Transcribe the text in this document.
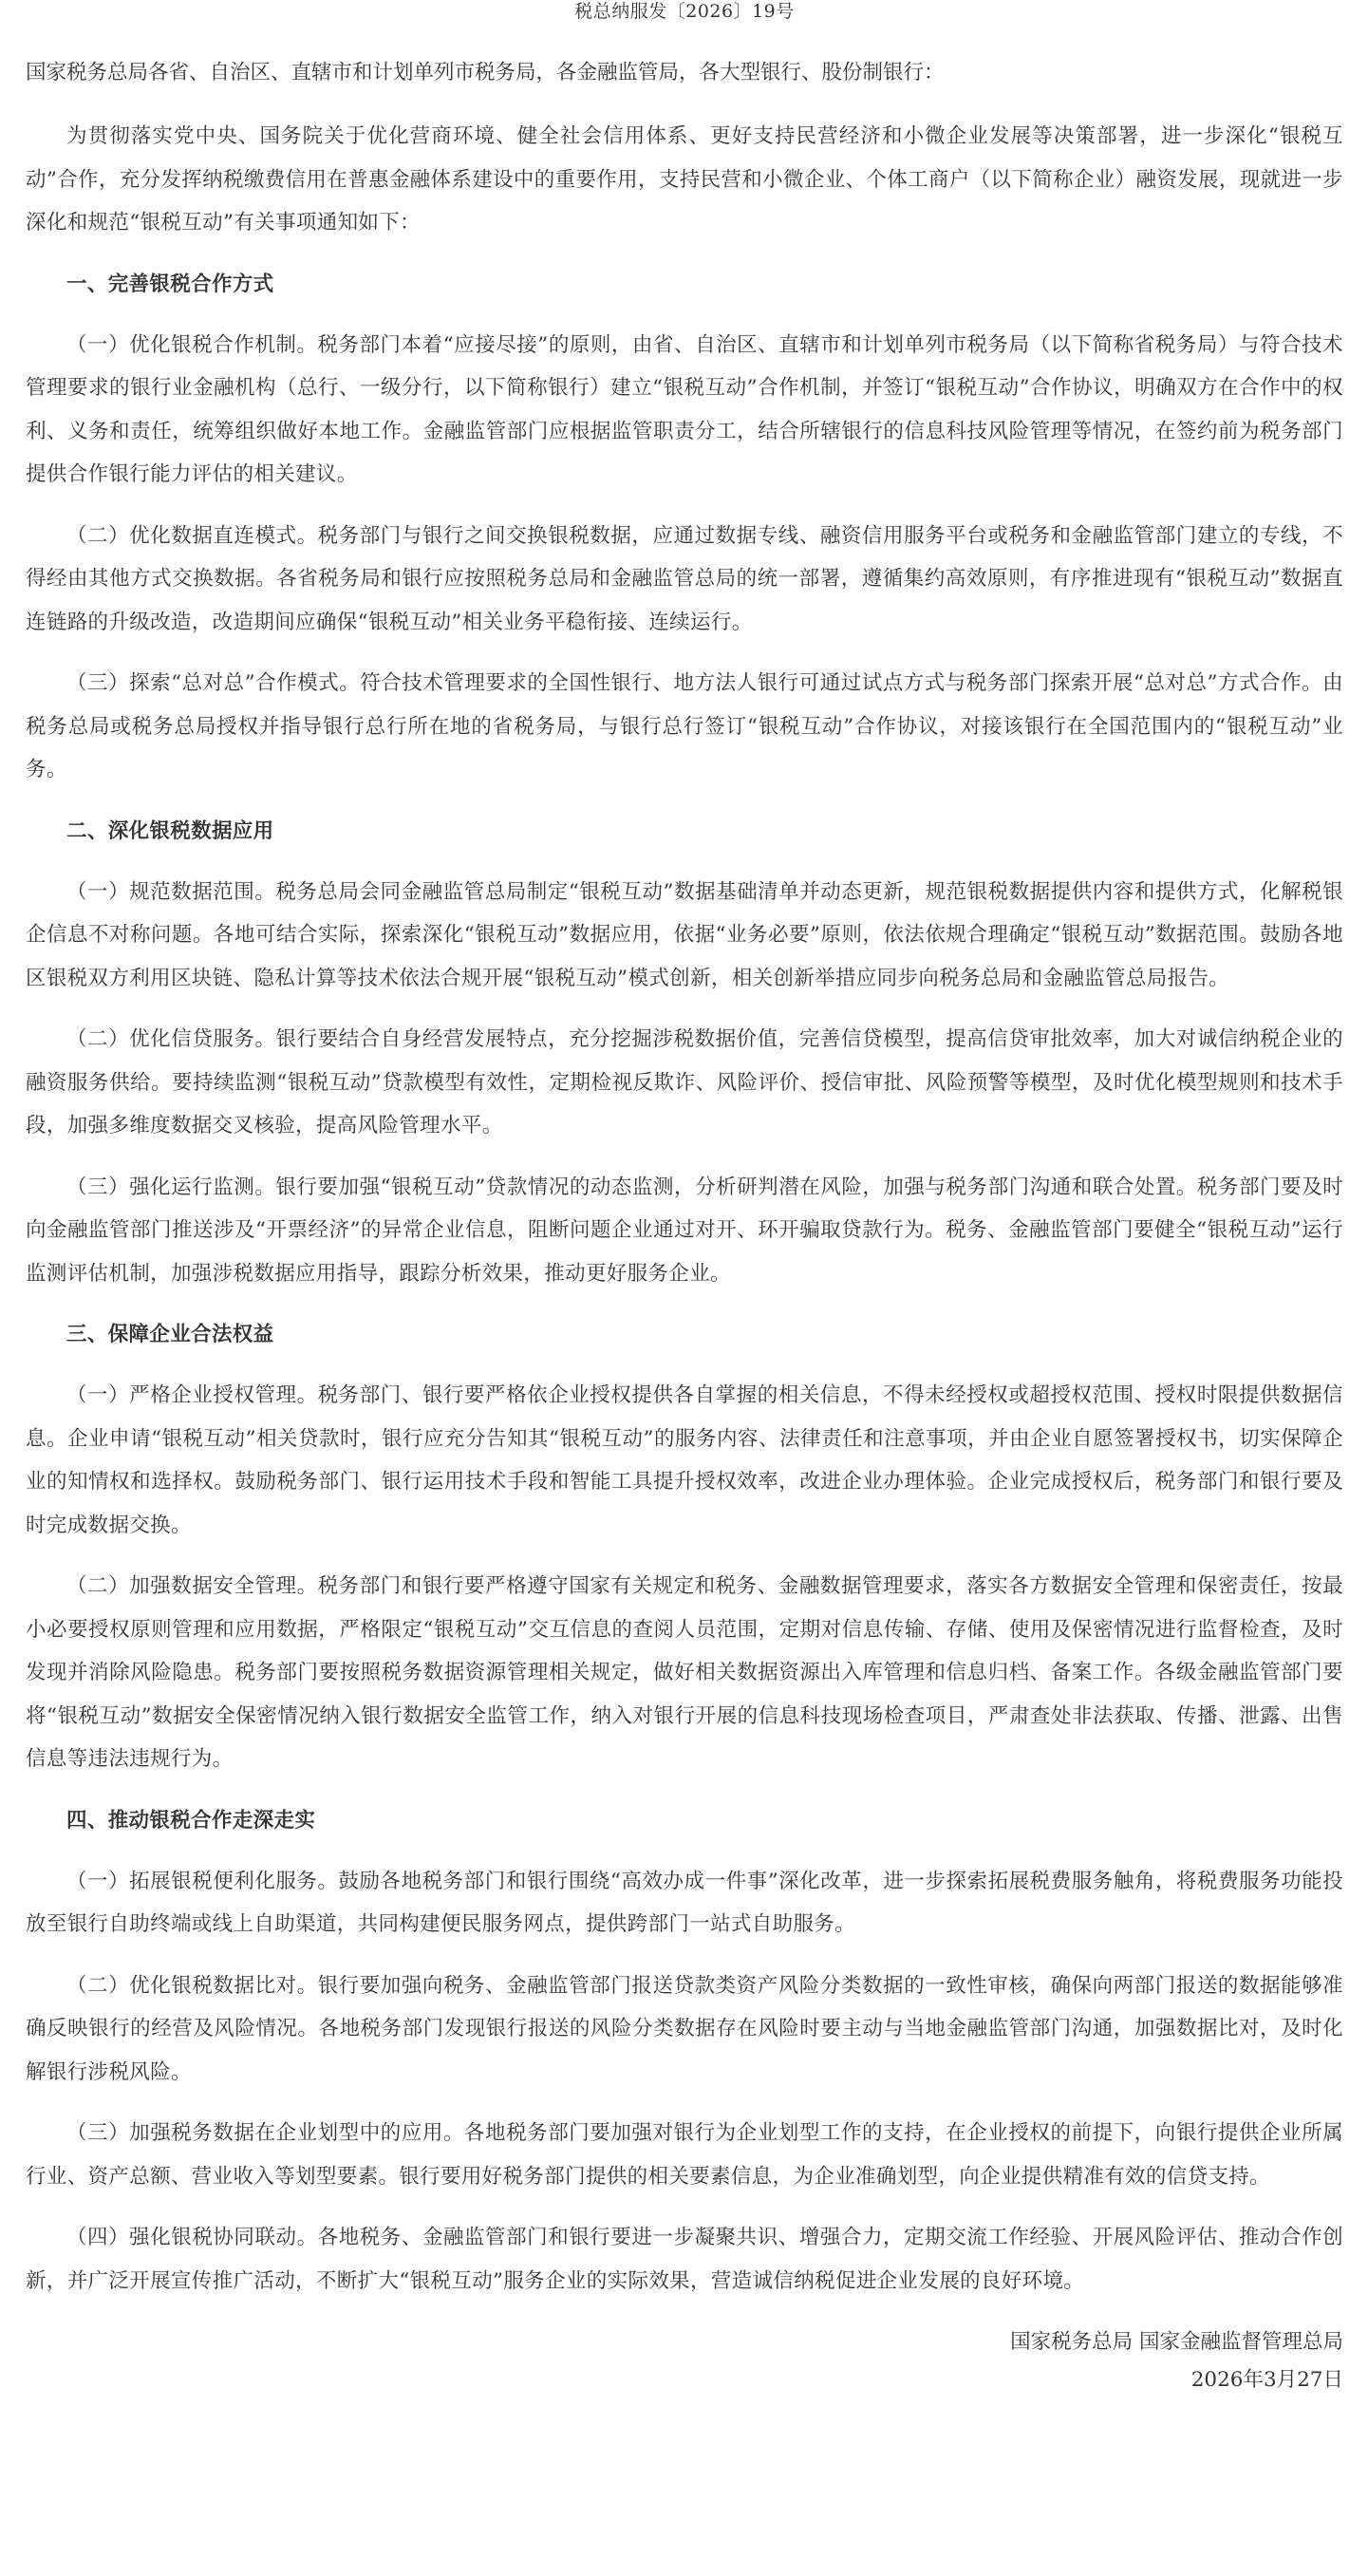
税总纳服发〔2026〕19号
国家税务总局各省、自治区、直辖市和计划单列市税务局，各金融监管局，各大型银行、股份制银行：

为贯彻落实党中央、国务院关于优化营商环境、健全社会信用体系、更好支持民营经济和小微企业发展等决策部署，进一步深化“银税互动”合作，充分发挥纳税缴费信用在普惠金融体系建设中的重要作用，支持民营和小微企业、个体工商户（以下简称企业）融资发展，现就进一步深化和规范“银税互动”有关事项通知如下：

一、完善银税合作方式

（一）优化银税合作机制。税务部门本着“应接尽接”的原则，由省、自治区、直辖市和计划单列市税务局（以下简称省税务局）与符合技术管理要求的银行业金融机构（总行、一级分行，以下简称银行）建立“银税互动”合作机制，并签订“银税互动”合作协议，明确双方在合作中的权利、义务和责任，统筹组织做好本地工作。金融监管部门应根据监管职责分工，结合所辖银行的信息科技风险管理等情况，在签约前为税务部门提供合作银行能力评估的相关建议。

（二）优化数据直连模式。税务部门与银行之间交换银税数据，应通过数据专线、融资信用服务平台或税务和金融监管部门建立的专线，不得经由其他方式交换数据。各省税务局和银行应按照税务总局和金融监管总局的统一部署，遵循集约高效原则，有序推进现有“银税互动”数据直连链路的升级改造，改造期间应确保“银税互动”相关业务平稳衔接、连续运行。

（三）探索“总对总”合作模式。符合技术管理要求的全国性银行、地方法人银行可通过试点方式与税务部门探索开展“总对总”方式合作。由税务总局或税务总局授权并指导银行总行所在地的省税务局，与银行总行签订“银税互动”合作协议，对接该银行在全国范围内的“银税互动”业务。

二、深化银税数据应用

（一）规范数据范围。税务总局会同金融监管总局制定“银税互动”数据基础清单并动态更新，规范银税数据提供内容和提供方式，化解税银企信息不对称问题。各地可结合实际，探索深化“银税互动”数据应用，依据“业务必要”原则，依法依规合理确定“银税互动”数据范围。鼓励各地区银税双方利用区块链、隐私计算等技术依法合规开展“银税互动”模式创新，相关创新举措应同步向税务总局和金融监管总局报告。

（二）优化信贷服务。银行要结合自身经营发展特点，充分挖掘涉税数据价值，完善信贷模型，提高信贷审批效率，加大对诚信纳税企业的融资服务供给。要持续监测“银税互动”贷款模型有效性，定期检视反欺诈、风险评价、授信审批、风险预警等模型，及时优化模型规则和技术手段，加强多维度数据交叉核验，提高风险管理水平。

（三）强化运行监测。银行要加强“银税互动”贷款情况的动态监测，分析研判潜在风险，加强与税务部门沟通和联合处置。税务部门要及时向金融监管部门推送涉及“开票经济”的异常企业信息，阻断问题企业通过对开、环开骗取贷款行为。税务、金融监管部门要健全“银税互动”运行监测评估机制，加强涉税数据应用指导，跟踪分析效果，推动更好服务企业。

三、保障企业合法权益

（一）严格企业授权管理。税务部门、银行要严格依企业授权提供各自掌握的相关信息，不得未经授权或超授权范围、授权时限提供数据信息。企业申请“银税互动”相关贷款时，银行应充分告知其“银税互动”的服务内容、法律责任和注意事项，并由企业自愿签署授权书，切实保障企业的知情权和选择权。鼓励税务部门、银行运用技术手段和智能工具提升授权效率，改进企业办理体验。企业完成授权后，税务部门和银行要及时完成数据交换。

（二）加强数据安全管理。税务部门和银行要严格遵守国家有关规定和税务、金融数据管理要求，落实各方数据安全管理和保密责任，按最小必要授权原则管理和应用数据，严格限定“银税互动”交互信息的查阅人员范围，定期对信息传输、存储、使用及保密情况进行监督检查，及时发现并消除风险隐患。税务部门要按照税务数据资源管理相关规定，做好相关数据资源出入库管理和信息归档、备案工作。各级金融监管部门要将“银税互动”数据安全保密情况纳入银行数据安全监管工作，纳入对银行开展的信息科技现场检查项目，严肃查处非法获取、传播、泄露、出售信息等违法违规行为。

四、推动银税合作走深走实

（一）拓展银税便利化服务。鼓励各地税务部门和银行围绕“高效办成一件事”深化改革，进一步探索拓展税费服务触角，将税费服务功能投放至银行自助终端或线上自助渠道，共同构建便民服务网点，提供跨部门一站式自助服务。

（二）优化银税数据比对。银行要加强向税务、金融监管部门报送贷款类资产风险分类数据的一致性审核，确保向两部门报送的数据能够准确反映银行的经营及风险情况。各地税务部门发现银行报送的风险分类数据存在风险时要主动与当地金融监管部门沟通，加强数据比对，及时化解银行涉税风险。

（三）加强税务数据在企业划型中的应用。各地税务部门要加强对银行为企业划型工作的支持，在企业授权的前提下，向银行提供企业所属行业、资产总额、营业收入等划型要素。银行要用好税务部门提供的相关要素信息，为企业准确划型，向企业提供精准有效的信贷支持。

（四）强化银税协同联动。各地税务、金融监管部门和银行要进一步凝聚共识、增强合力，定期交流工作经验、开展风险评估、推动合作创新，并广泛开展宣传推广活动，不断扩大“银税互动”服务企业的实际效果，营造诚信纳税促进企业发展的良好环境。

国家税务总局 国家金融监督管理总局
2026年3月27日
